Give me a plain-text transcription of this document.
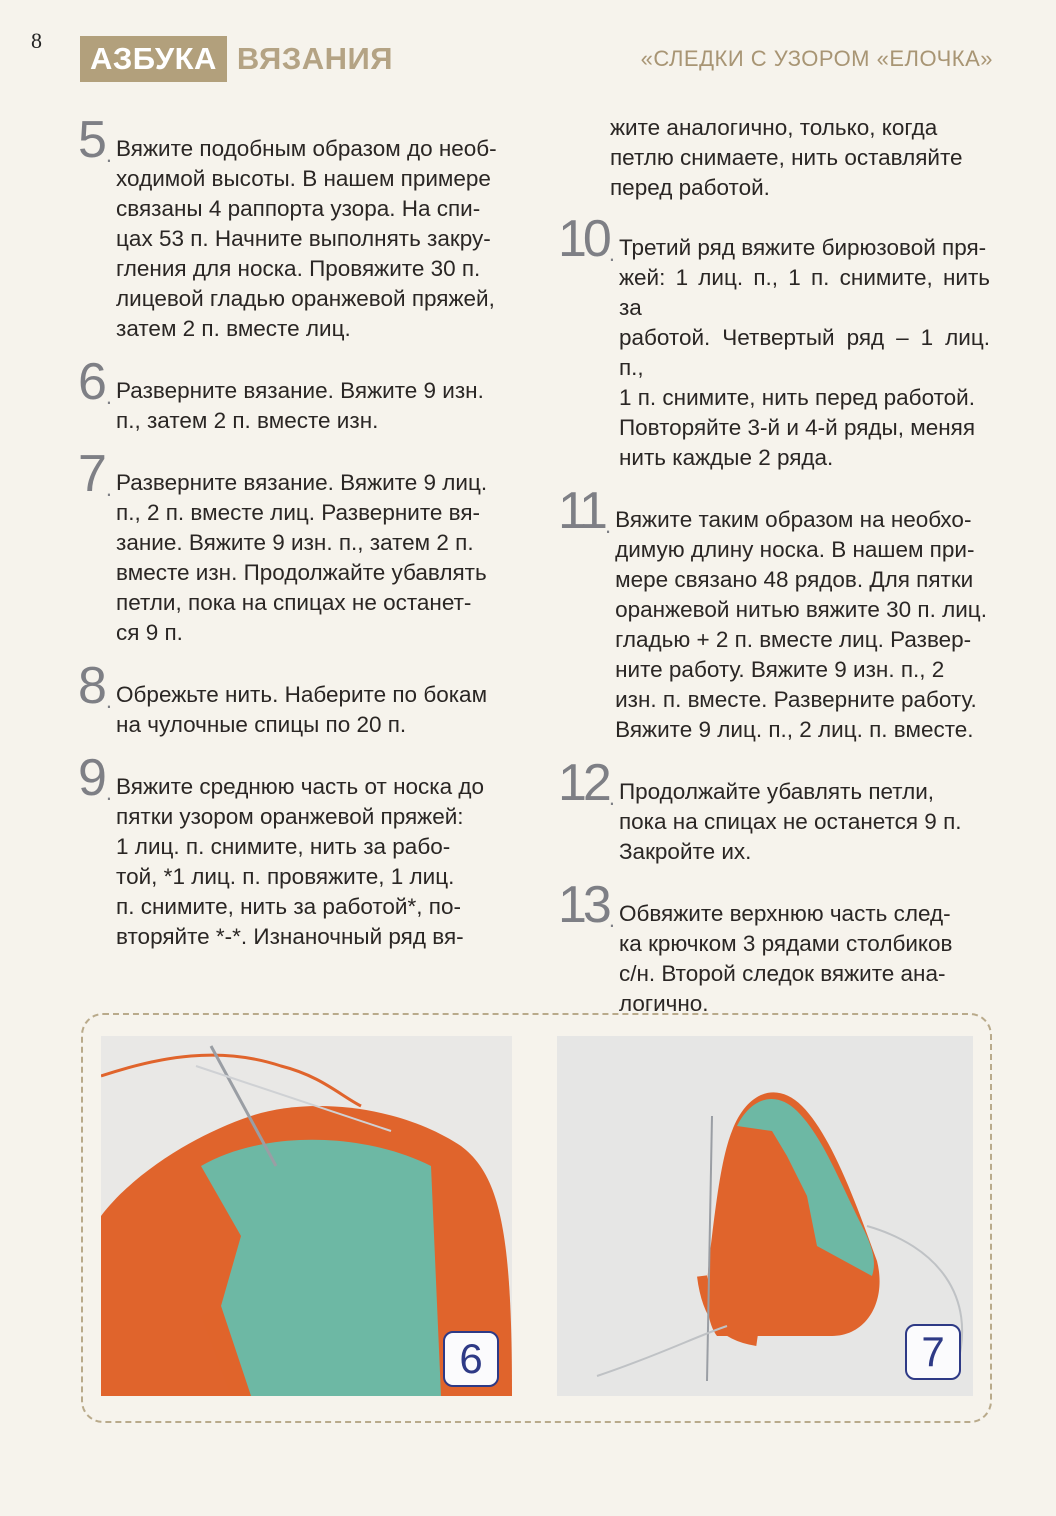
8
АЗБУКА ВЯЗАНИЯ	«СЛЕДКИ С УЗОРОМ «ЕЛОЧКА»
5 . Вяжите подобным образом до необ-
ходимой высоты. В нашем примере
связаны 4 раппорта узора. На спи-
цах 53 п. Начните выполнять закру-
гления для носка. Провяжите 30 п.
лицевой гладью оранжевой пряжей,
затем 2 п. вместе лиц.
6 . Разверните вязание. Вяжите 9 изн.
п., затем 2 п. вместе изн.
7 . Разверните вязание. Вяжите 9 лиц.
п., 2 п. вместе лиц. Разверните вя-
зание. Вяжите 9 изн. п., затем 2 п.
вместе изн. Продолжайте убавлять
петли, пока на спицах не останет-
ся 9 п.
8 . Обрежьте нить. Наберите по бокам
на чулочные спицы по 20 п.
9 . Вяжите среднюю часть от носка до
пятки узором оранжевой пряжей:
1 лиц. п. снимите, нить за рабо-
той, *1 лиц. п. провяжите, 1 лиц.
п. снимите, нить за работой*, по-
вторяйте *-*. Изнаночный ряд вя-
жите аналогично, только, когда
петлю снимаете, нить оставляйте
перед работой.
10 . Третий ряд вяжите бирюзовой пря-
жей: 1 лиц. п., 1 п. снимите, нить за
работой. Четвертый ряд – 1 лиц. п.,
1 п. снимите, нить перед работой.
Повторяйте 3-й и 4-й ряды, меняя
нить каждые 2 ряда.
11 . Вяжите таким образом на необхо-
димую длину носка. В нашем при-
мере связано 48 рядов. Для пятки
оранжевой нитью вяжите 30 п. лиц.
гладью + 2 п. вместе лиц. Развер-
ните работу. Вяжите 9 изн. п., 2
изн. п. вместе. Разверните работу.
Вяжите 9 лиц. п., 2 лиц. п. вместе.
12 . Продолжайте убавлять петли,
пока на спицах не останется 9 п.
Закройте их.
13 . Обвяжите верхнюю часть след-
ка крючком 3 рядами столбиков
с/н. Второй следок вяжите ана-
логично.
6	7
